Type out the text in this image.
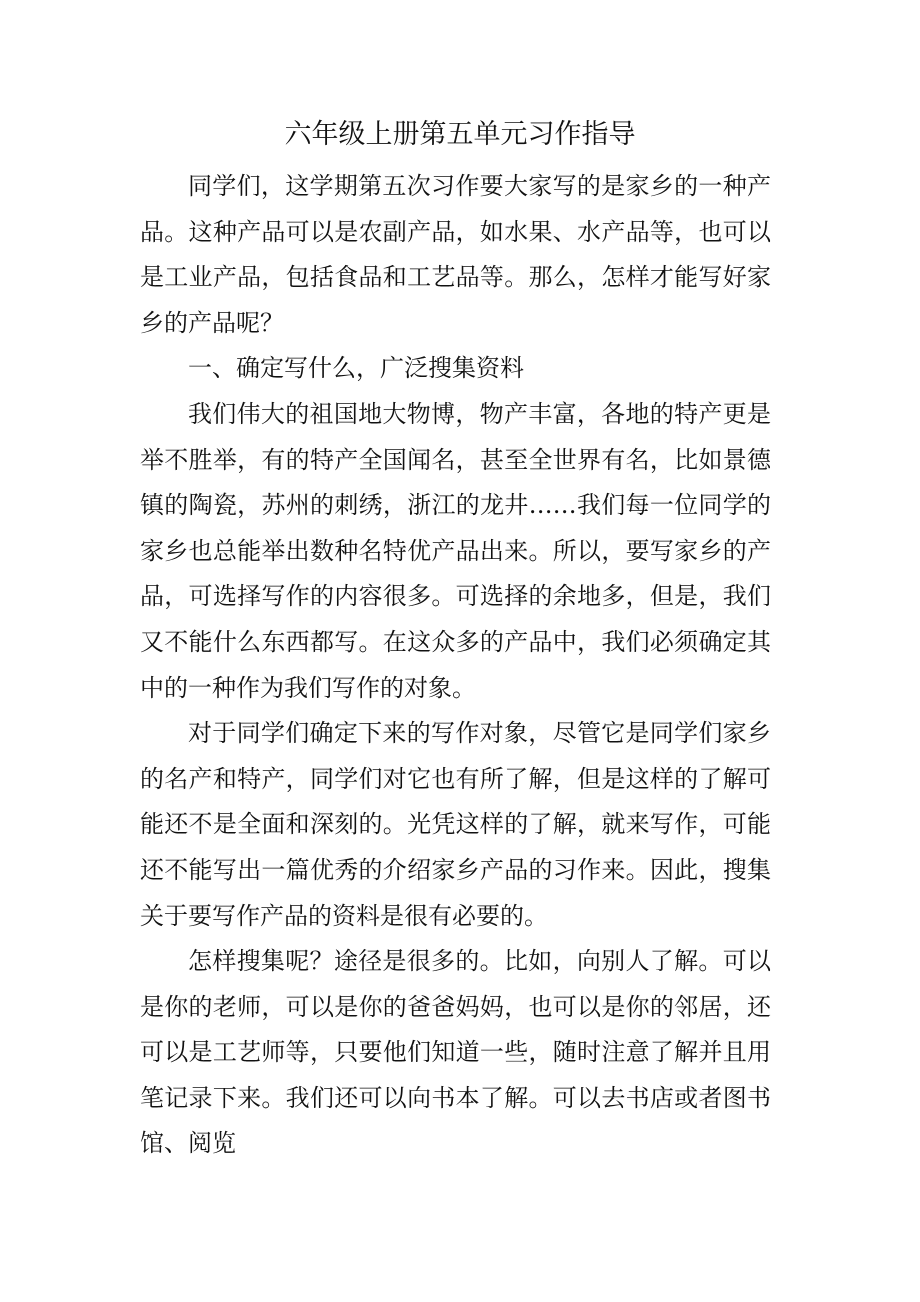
六年级上册第五单元习作指导

同学们，这学期第五次习作要大家写的是家乡的一种产品。这种产品可以是农副产品，如水果、水产品等，也可以是工业产品，包括食品和工艺品等。那么，怎样才能写好家乡的产品呢？

一、确定写什么，广泛搜集资料

我们伟大的祖国地大物博，物产丰富，各地的特产更是举不胜举，有的特产全国闻名，甚至全世界有名，比如景德镇的陶瓷，苏州的刺绣，浙江的龙井……我们每一位同学的家乡也总能举出数种名特优产品出来。所以，要写家乡的产品，可选择写作的内容很多。可选择的余地多，但是，我们又不能什么东西都写。在这众多的产品中，我们必须确定其中的一种作为我们写作的对象。

对于同学们确定下来的写作对象，尽管它是同学们家乡的名产和特产，同学们对它也有所了解，但是这样的了解可能还不是全面和深刻的。光凭这样的了解，就来写作，可能还不能写出一篇优秀的介绍家乡产品的习作来。因此，搜集关于要写作产品的资料是很有必要的。

怎样搜集呢？途径是很多的。比如，向别人了解。可以是你的老师，可以是你的爸爸妈妈，也可以是你的邻居，还可以是工艺师等，只要他们知道一些，随时注意了解并且用笔记录下来。我们还可以向书本了解。可以去书店或者图书馆、阅览
